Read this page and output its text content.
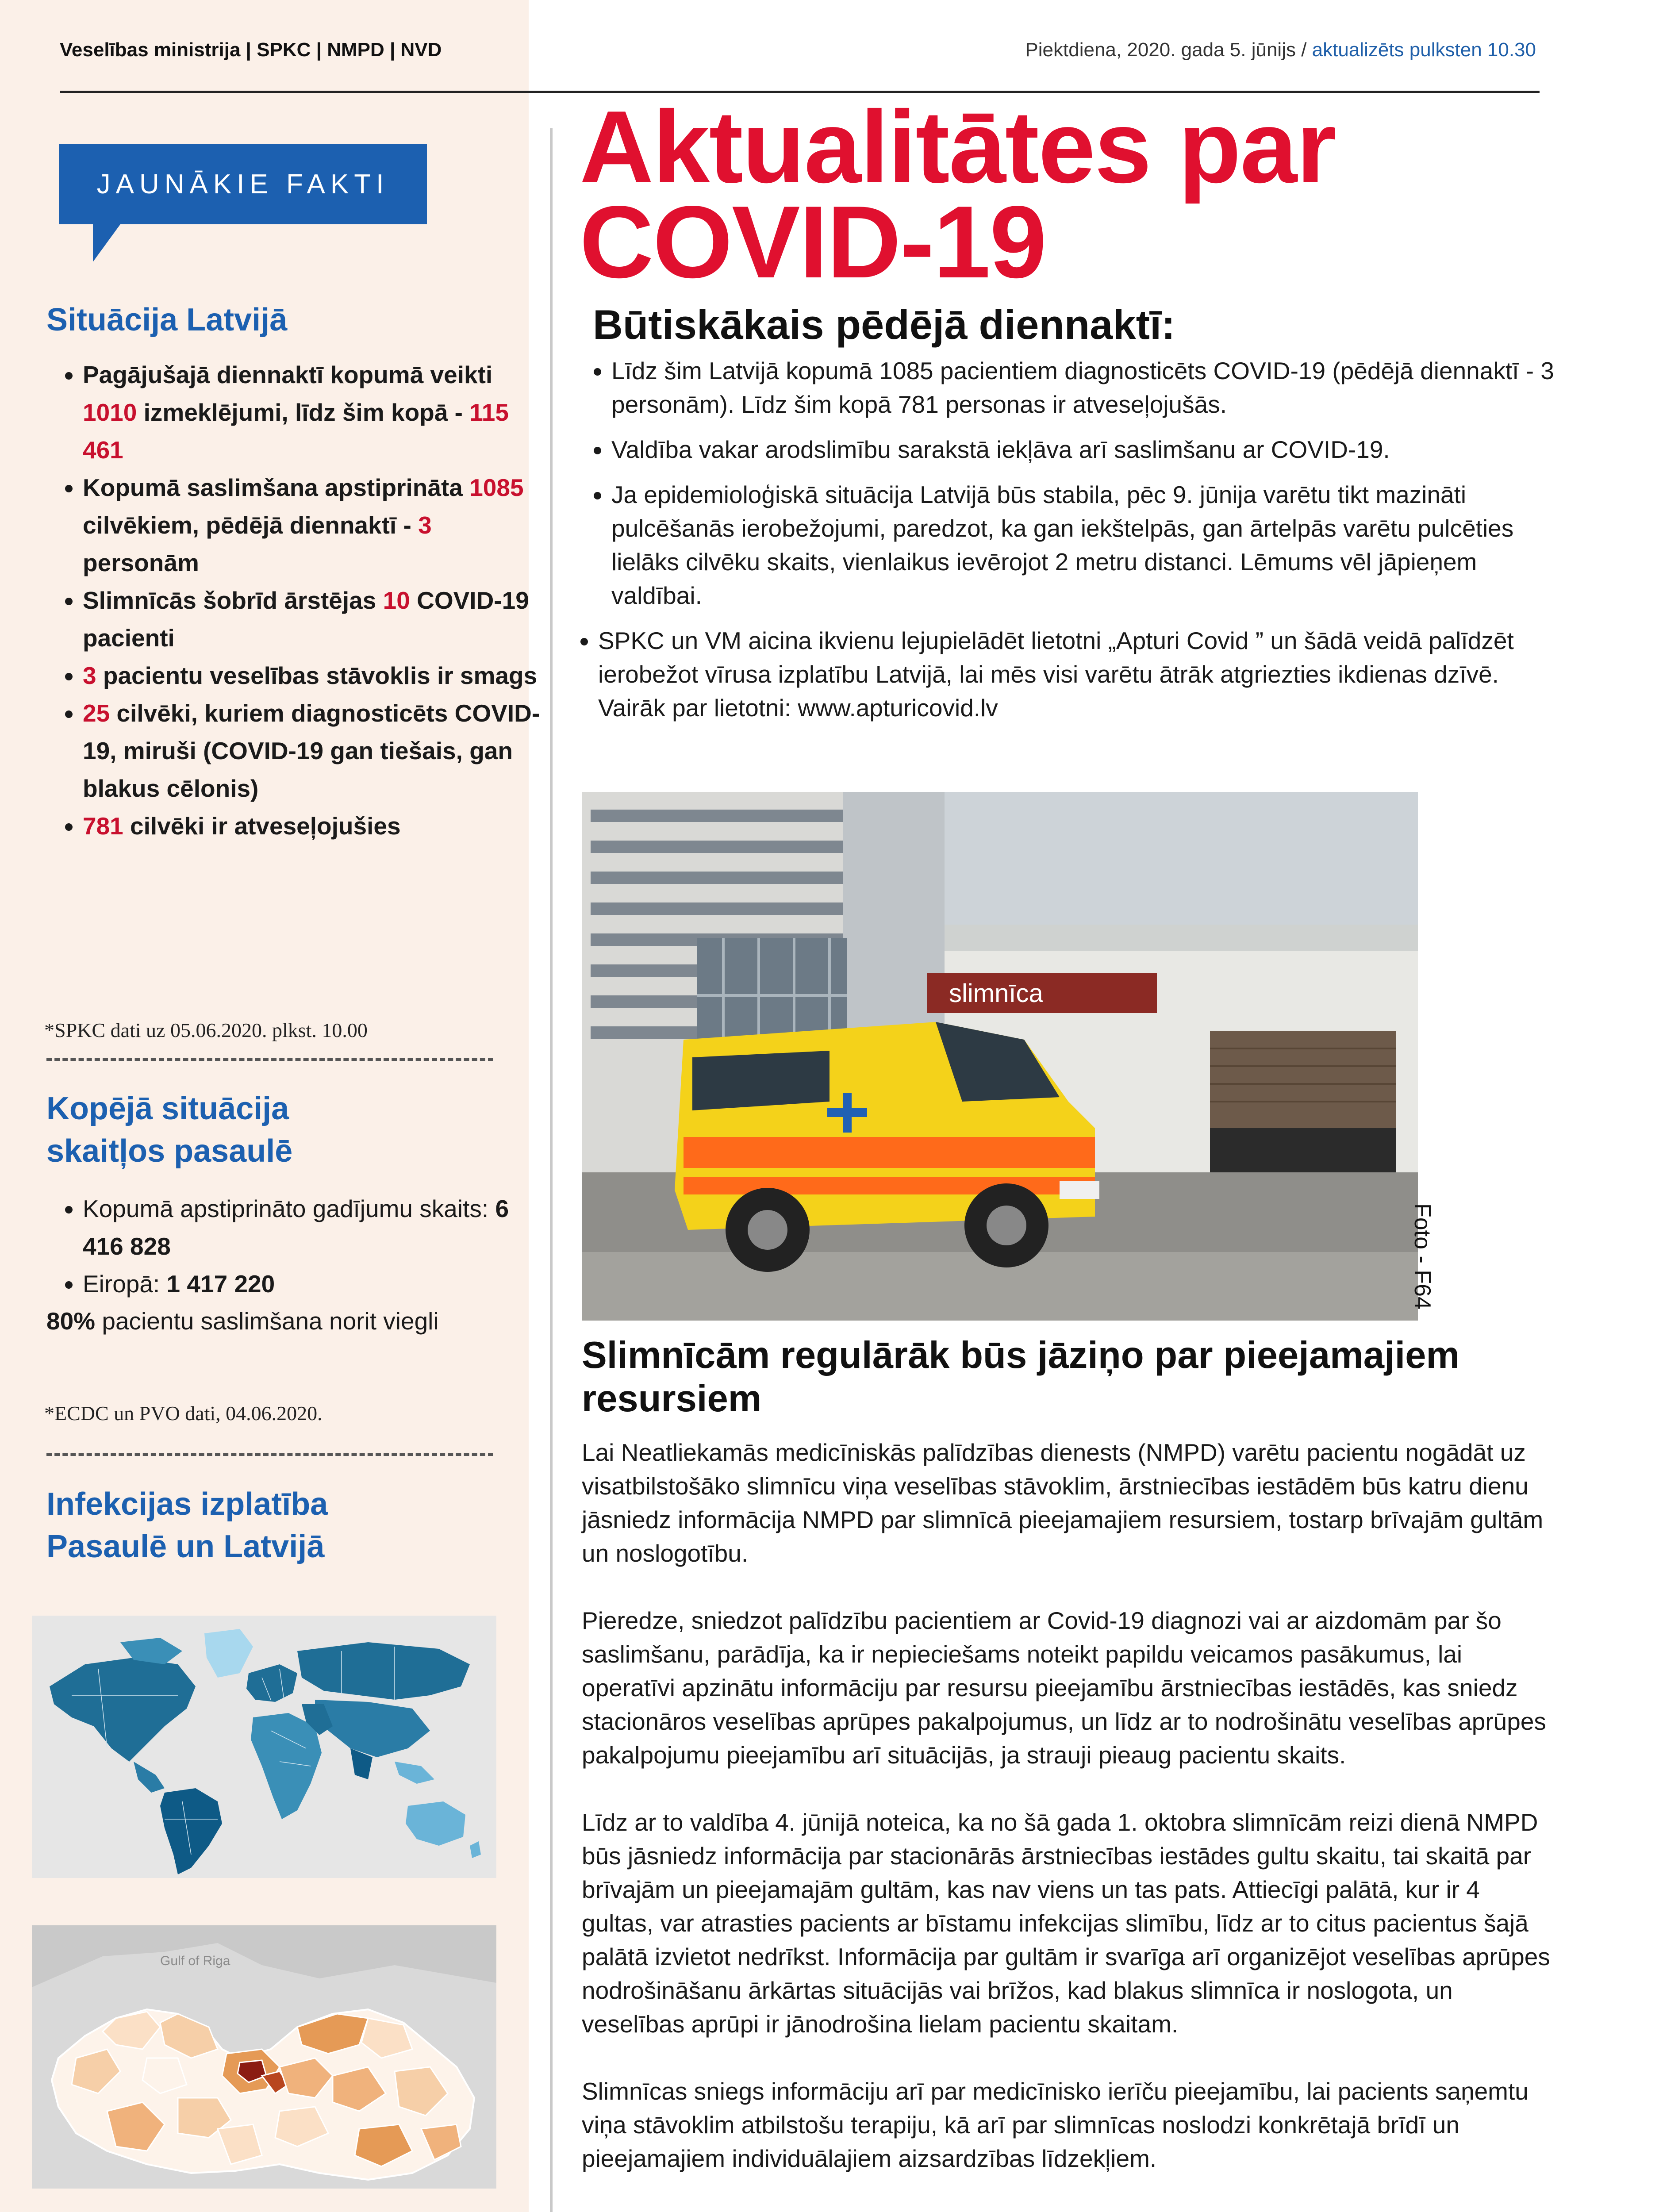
Veselības ministrija | SPKC | NMPD | NVD	Piektdiena, 2020. gada 5. jūnijs / aktualizēts pulksten 10.30
JAUNĀKIE FAKTI
Situācija Latvijā
• Pagājušajā diennaktī kopumā veikti 1010 izmeklējumi, līdz šim kopā - 115 461
• Kopumā saslimšana apstiprināta 1085 cilvēkiem, pēdējā diennaktī - 3 personām
• Slimnīcās šobrīd ārstējas 10 COVID-19 pacienti
• 3 pacientu veselības stāvoklis ir smags
• 25 cilvēki, kuriem diagnosticēts COVID-19, miruši (COVID-19 gan tiešais, gan blakus cēlonis)
• 781 cilvēki ir atveseļojušies
*SPKC dati uz 05.06.2020. plkst. 10.00
Kopējā situācija
skaitļos pasaulē
• Kopumā apstiprināto gadījumu skaits: 6 416 828
• Eiropā: 1 417 220
80% pacientu saslimšana norit viegli
*ECDC un PVO dati, 04.06.2020.
Infekcijas izplatība
Pasaulē un Latvijā
Gulf of Riga
Aktualitātes par
COVID-19
Būtiskākais pēdējā diennaktī:
• Līdz šim Latvijā kopumā 1085 pacientiem diagnosticēts COVID-19 (pēdējā diennaktī - 3 personām). Līdz šim kopā 781 personas ir atveseļojušās.
• Valdība vakar arodslimību sarakstā iekļāva arī saslimšanu ar COVID-19.
• Ja epidemioloģiskā situācija Latvijā būs stabila, pēc 9. jūnija varētu tikt mazināti pulcēšanās ierobežojumi, paredzot, ka gan iekštelpās, gan ārtelpās varētu pulcēties lielāks cilvēku skaits, vienlaikus ievērojot 2 metru distanci. Lēmums vēl jāpieņem valdībai.
• SPKC un VM aicina ikvienu lejupielādēt lietotni „Apturi Covid ” un šādā veidā palīdzēt ierobežot vīrusa izplatību Latvijā, lai mēs visi varētu ātrāk atgriezties ikdienas dzīvē. Vairāk par lietotni: www.apturicovid.lv
slimnīca
Foto - F64
Slimnīcām regulārāk būs jāziņo par pieejamajiem resursiem

Lai Neatliekamās medicīniskās palīdzības dienests (NMPD) varētu pacientu nogādāt uz visatbilstošāko slimnīcu viņa veselības stāvoklim, ārstniecības iestādēm būs katru dienu jāsniedz informācija NMPD par slimnīcā pieejamajiem resursiem, tostarp brīvajām gultām un noslogotību.

Pieredze, sniedzot palīdzību pacientiem ar Covid-19 diagnozi vai ar aizdomām par šo saslimšanu, parādīja, ka ir nepieciešams noteikt papildu veicamos pasākumus, lai operatīvi apzinātu informāciju par resursu pieejamību ārstniecības iestādēs, kas sniedz stacionāros veselības aprūpes pakalpojumus, un līdz ar to nodrošinātu veselības aprūpes pakalpojumu pieejamību arī situācijās, ja strauji pieaug pacientu skaits.

Līdz ar to valdība 4. jūnijā noteica, ka no šā gada 1. oktobra slimnīcām reizi dienā NMPD būs jāsniedz informācija par stacionārās ārstniecības iestādes gultu skaitu, tai skaitā par brīvajām un pieejamajām gultām, kas nav viens un tas pats. Attiecīgi palātā, kur ir 4 gultas, var atrasties pacients ar bīstamu infekcijas slimību, līdz ar to citus pacientus šajā palātā izvietot nedrīkst. Informācija par gultām ir svarīga arī organizējot veselības aprūpes nodrošināšanu ārkārtas situācijās vai brīžos, kad blakus slimnīca ir noslogota, un veselības aprūpi ir jānodrošina lielam pacientu skaitam.

Slimnīcas sniegs informāciju arī par medicīnisko ierīču pieejamību, lai pacients saņemtu viņa stāvoklim atbilstošu terapiju, kā arī par slimnīcas noslodzi konkrētajā brīdī un pieejamajiem individuālajiem aizsardzības līdzekļiem.
